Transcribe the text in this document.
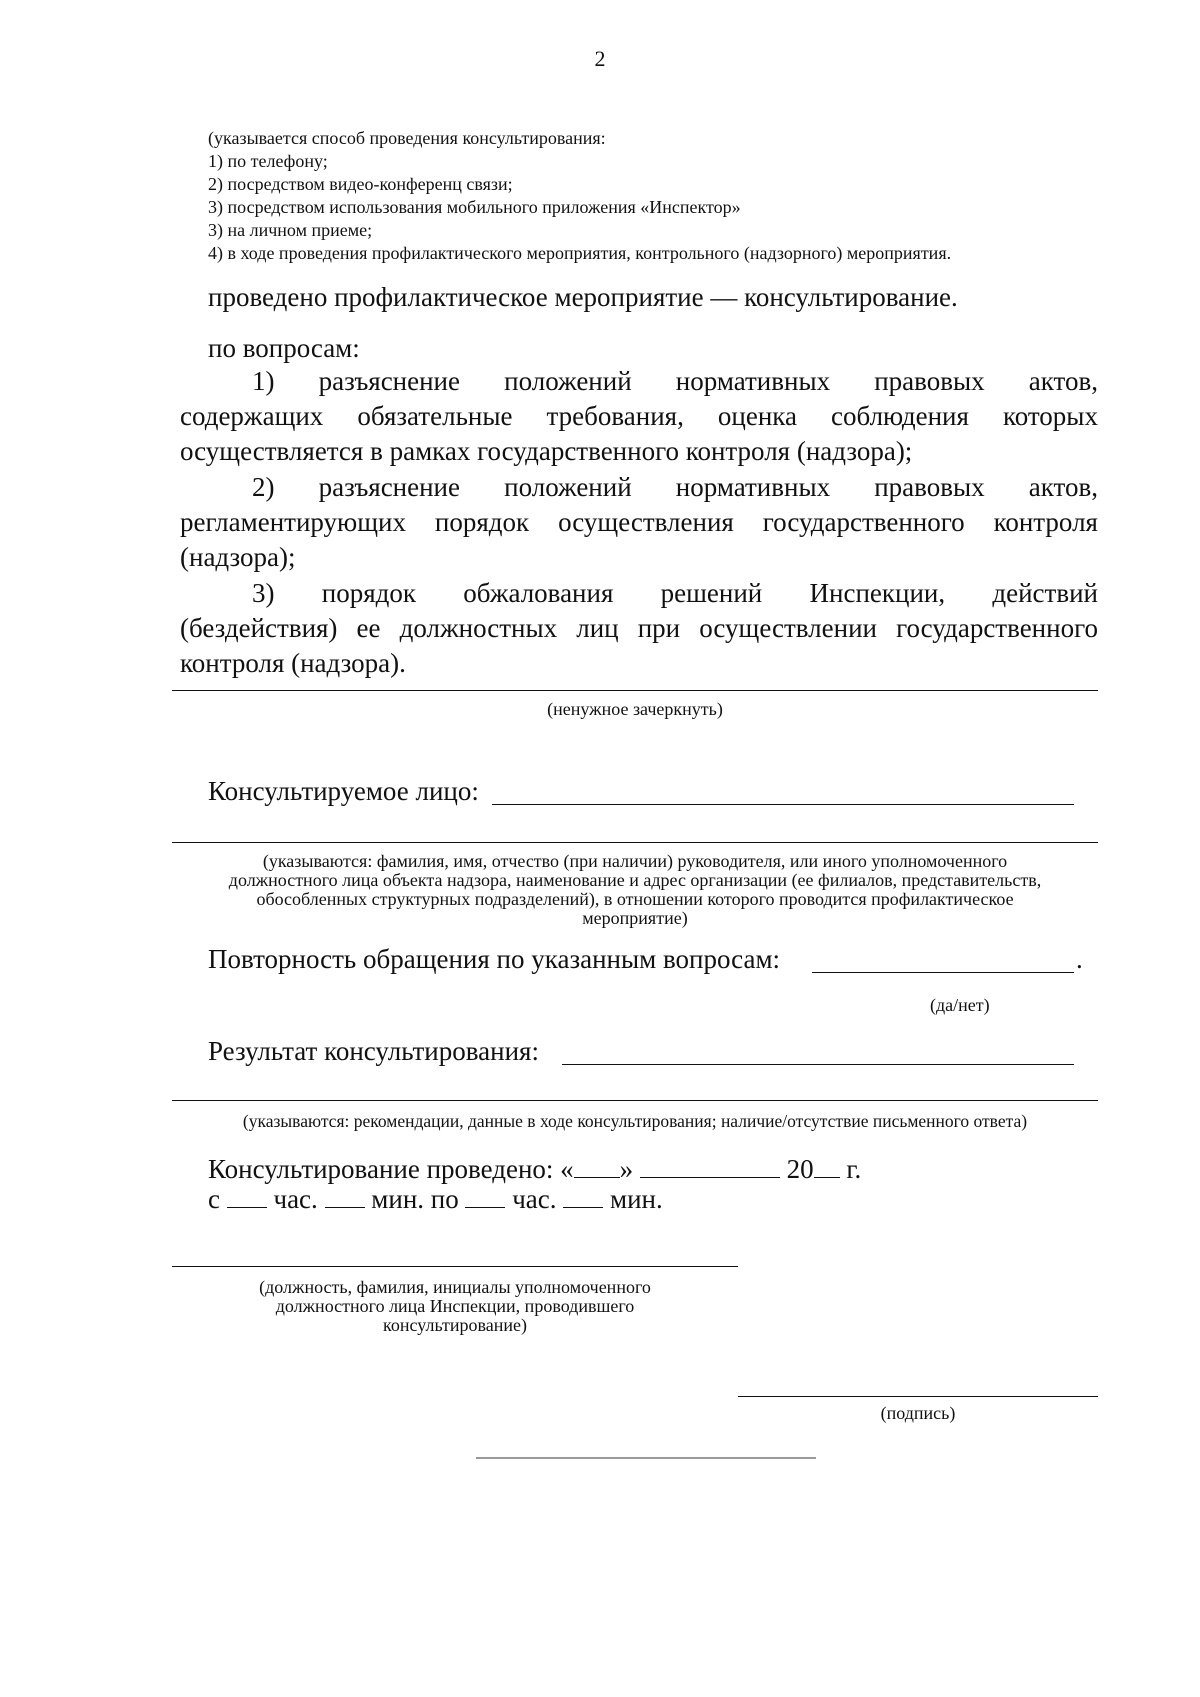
2
(указывается способ проведения консультирования:
1) по телефону;
2) посредством видео-конференц связи;
3) посредством использования мобильного приложения «Инспектор»
3) на личном приеме;
4) в ходе проведения профилактического мероприятия, контрольного (надзорного) мероприятия.
проведено профилактическое мероприятие — консультирование.
по вопросам:
1) разъяснение положений нормативных правовых актов,
содержащих обязательные требования, оценка соблюдения которых
осуществляется в рамках государственного контроля (надзора);
2) разъяснение положений нормативных правовых актов,
регламентирующих порядок осуществления государственного контроля
(надзора);
3) порядок обжалования решений Инспекции, действий
(бездействия) ее должностных лиц при осуществлении государственного
контроля (надзора).
(ненужное зачеркнуть)
Консультируемое лицо:
(указываются: фамилия, имя, отчество (при наличии) руководителя, или иного уполномоченного
должностного лица объекта надзора, наименование и адрес организации (ее филиалов, представительств,
обособленных структурных подразделений), в отношении которого проводится профилактическое
мероприятие)
Повторность обращения по указанным вопросам:	.
(да/нет)
Результат консультирования:
(указываются: рекомендации, данные в ходе консультирования; наличие/отсутствие письменного ответа)
Консультирование проведено: « »	20 г.
с час. мин. по час. мин.
(должность, фамилия, инициалы уполномоченного
должностного лица Инспекции, проводившего
консультирование)
(подпись)
